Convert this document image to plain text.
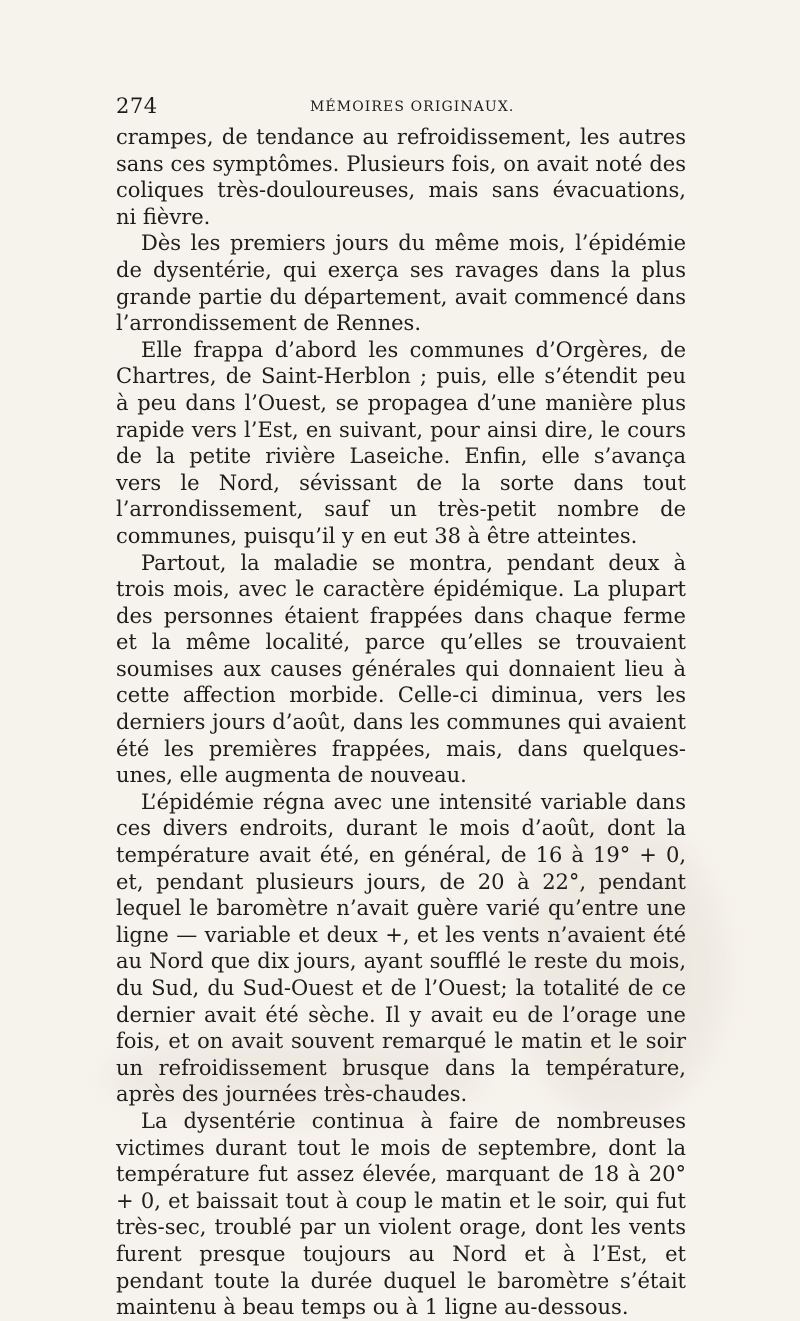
274	MÉMOIRES ORIGINAUX.

crampes, de tendance au refroidissement, les autres sans ces symptômes. Plusieurs fois, on avait noté des coliques très-douloureuses, mais sans évacuations, ni fièvre.

Dès les premiers jours du même mois, l’épidémie de dysentérie, qui exerça ses ravages dans la plus grande partie du département, avait commencé dans l’arrondissement de Rennes.

Elle frappa d’abord les communes d’Orgères, de Chartres, de Saint-Herblon ; puis, elle s’étendit peu à peu dans l’Ouest, se propagea d’une manière plus rapide vers l’Est, en suivant, pour ainsi dire, le cours de la petite rivière Laseiche. Enfin, elle s’avança vers le Nord, sévissant de la sorte dans tout l’arrondissement, sauf un très-petit nombre de communes, puisqu’il y en eut 38 à être atteintes.

Partout, la maladie se montra, pendant deux à trois mois, avec le caractère épidémique. La plupart des personnes étaient frappées dans chaque ferme et la même localité, parce qu’elles se trouvaient soumises aux causes générales qui donnaient lieu à cette affection morbide. Celle-ci diminua, vers les derniers jours d’août, dans les communes qui avaient été les premières frappées, mais, dans quelques-unes, elle augmenta de nouveau.

L’épidémie régna avec une intensité variable dans ces divers endroits, durant le mois d’août, dont la température avait été, en général, de 16 à 19° + 0, et, pendant plusieurs jours, de 20 à 22°, pendant lequel le baromètre n’avait guère varié qu’entre une ligne — variable et deux +, et les vents n’avaient été au Nord que dix jours, ayant soufflé le reste du mois, du Sud, du Sud-Ouest et de l’Ouest; la totalité de ce dernier avait été sèche. Il y avait eu de l’orage une fois, et on avait souvent remarqué le matin et le soir un refroidissement brusque dans la température, après des journées très-chaudes.

La dysentérie continua à faire de nombreuses victimes durant tout le mois de septembre, dont la température fut assez élevée, marquant de 18 à 20° + 0, et baissait tout à coup le matin et le soir, qui fut très-sec, troublé par un violent orage, dont les vents furent presque toujours au Nord et à l’Est, et pendant toute la durée duquel le baromètre s’était maintenu à beau temps ou à 1 ligne au-dessous.
